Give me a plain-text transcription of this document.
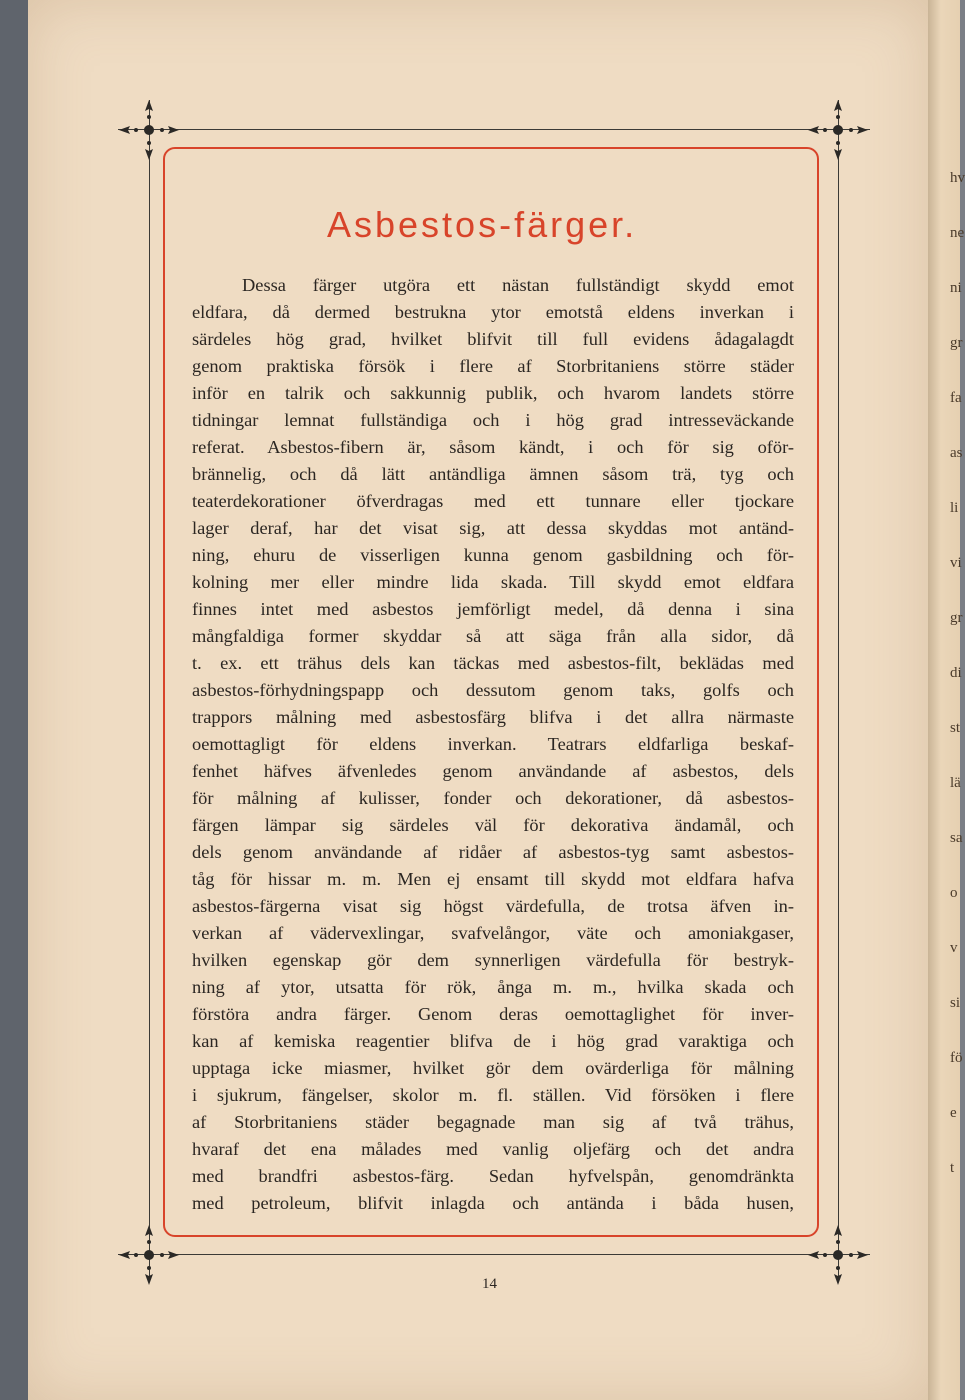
hv
ne
ni
gr
fa
as
li
vi
gr
di
st
lä
sa
o
v
si
fö
e
t
Asbestos-färger.
Dessa färger utgöra ett nästan fullständigt skydd emot
eldfara, då dermed bestrukna ytor emotstå eldens inverkan i
särdeles hög grad, hvilket blifvit till full evidens ådagalagdt
genom praktiska försök i flere af Storbritaniens större städer
inför en talrik och sakkunnig publik, och hvarom landets större
tidningar lemnat fullständiga och i hög grad intresseväckande
referat. Asbestos-fibern är, såsom kändt, i och för sig oför-
brännelig, och då lätt antändliga ämnen såsom trä, tyg och
teaterdekorationer öfverdragas med ett tunnare eller tjockare
lager deraf, har det visat sig, att dessa skyddas mot antänd-
ning, ehuru de visserligen kunna genom gasbildning och för-
kolning mer eller mindre lida skada. Till skydd emot eldfara
finnes intet med asbestos jemförligt medel, då denna i sina
mångfaldiga former skyddar så att säga från alla sidor, då
t. ex. ett trähus dels kan täckas med asbestos-filt, beklädas med
asbestos-förhydningspapp och dessutom genom taks, golfs och
trappors målning med asbestosfärg blifva i det allra närmaste
oemottagligt för eldens inverkan. Teatrars eldfarliga beskaf-
fenhet häfves äfvenledes genom användande af asbestos, dels
för målning af kulisser, fonder och dekorationer, då asbestos-
färgen lämpar sig särdeles väl för dekorativa ändamål, och
dels genom användande af ridåer af asbestos-tyg samt asbestos-
tåg för hissar m. m. Men ej ensamt till skydd mot eldfara hafva
asbestos-färgerna visat sig högst värdefulla, de trotsa äfven in-
verkan af vädervexlingar, svafvelångor, väte och amoniakgaser,
hvilken egenskap gör dem synnerligen värdefulla för bestryk-
ning af ytor, utsatta för rök, ånga m. m., hvilka skada och
förstöra andra färger. Genom deras oemottaglighet för inver-
kan af kemiska reagentier blifva de i hög grad varaktiga och
upptaga icke miasmer, hvilket gör dem ovärderliga för målning
i sjukrum, fängelser, skolor m. fl. ställen. Vid försöken i flere
af Storbritaniens städer begagnade man sig af två trähus,
hvaraf det ena målades med vanlig oljefärg och det andra
med brandfri asbestos-färg. Sedan hyfvelspån, genomdränkta
med petroleum, blifvit inlagda och antända i båda husen,
14
